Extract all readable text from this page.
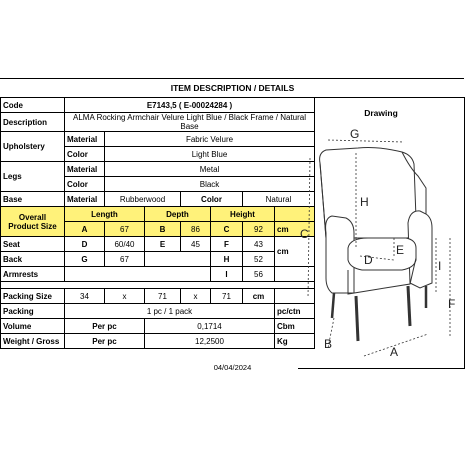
ITEM DESCRIPTION / DETAILS
Code	E7143,5 ( E-00024284 )						
Description	ALMA Rocking Armchair Velure Light Blue / Black Frame / Natural Base						
Upholstery	Material	Fabric Velure					
	Color	Light Blue					
Legs	Material	Metal					
	Color	Black					
Base	Material	Rubberwood		Color		Natural	
Overall Product Size	Length		Depth		Height		
	A	67	B	86	C	92	cm
Seat	D	60/40	E	45	F	43	cm
Back	G	67			H	52	
Armrests					I	56	

Packing Size	34	x	71	x	71	cm	
Packing	1 pc / 1 pack						pc/ctn
Volume	Per pc		0,1714				Cbm
Weight / Gross	Per pc		12,2500				Kg
Drawing
G
H
C
E
D	I
F
B
A
04/04/2024
